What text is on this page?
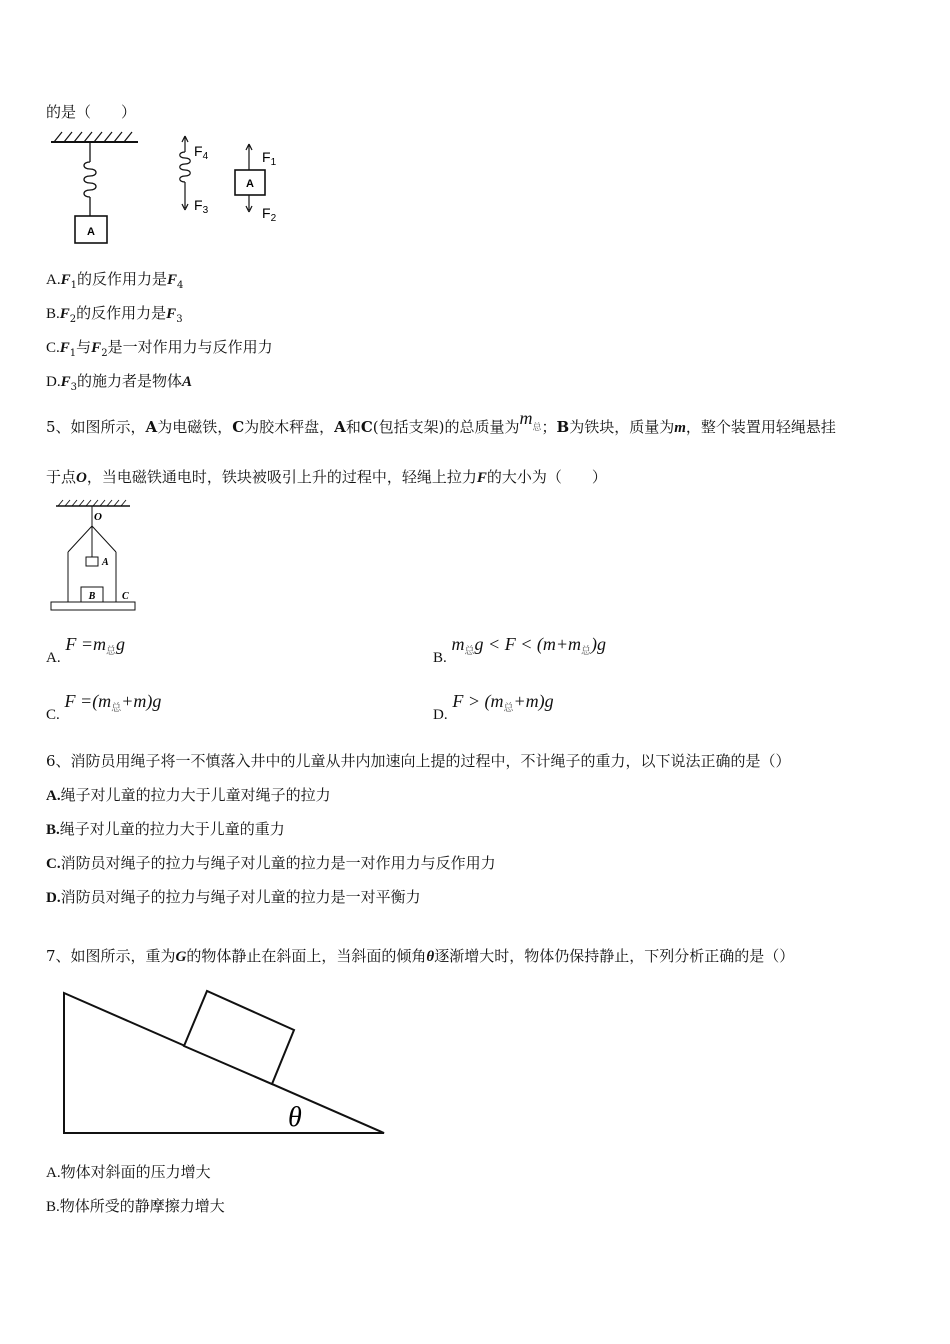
的是（　　）
A
$F_4$
$F_3$
A
$F_1$
$F_2$
$A.F_1$的反作用力是$F_4$
$B.F_2$的反作用力是$F_3$
$C.F_1$与$F_2$是一对作用力与反作用力
$D.F_3$的施力者是物体A
5、如图所示，A为电磁铁，C为胶木秤盘，A和C(包括支架)的总质量为$m_总$；B为铁块，质量为m，整个装置用轻绳悬挂
于点O，当电磁铁通电时，铁块被吸引上升的过程中，轻绳上拉力F的大小为（　　）
O
A
B	C
A. $F =m_总g$
B. $m_总g < F < (m+m_总)g$
C. $F =(m_总+m)g$
D. $F > (m_总+m)g$
6、消防员用绳子将一不慎落入井中的儿童从井内加速向上提的过程中，不计绳子的重力，以下说法正确的是（）
A.绳子对儿童的拉力大于儿童对绳子的拉力
B.绳子对儿童的拉力大于儿童的重力
C.消防员对绳子的拉力与绳子对儿童的拉力是一对作用力与反作用力
D.消防员对绳子的拉力与绳子对儿童的拉力是一对平衡力
7、如图所示，重为G的物体静止在斜面上，当斜面的倾角θ逐渐增大时，物体仍保持静止，下列分析正确的是（）
θ
A.物体对斜面的压力增大
B.物体所受的静摩擦力增大
